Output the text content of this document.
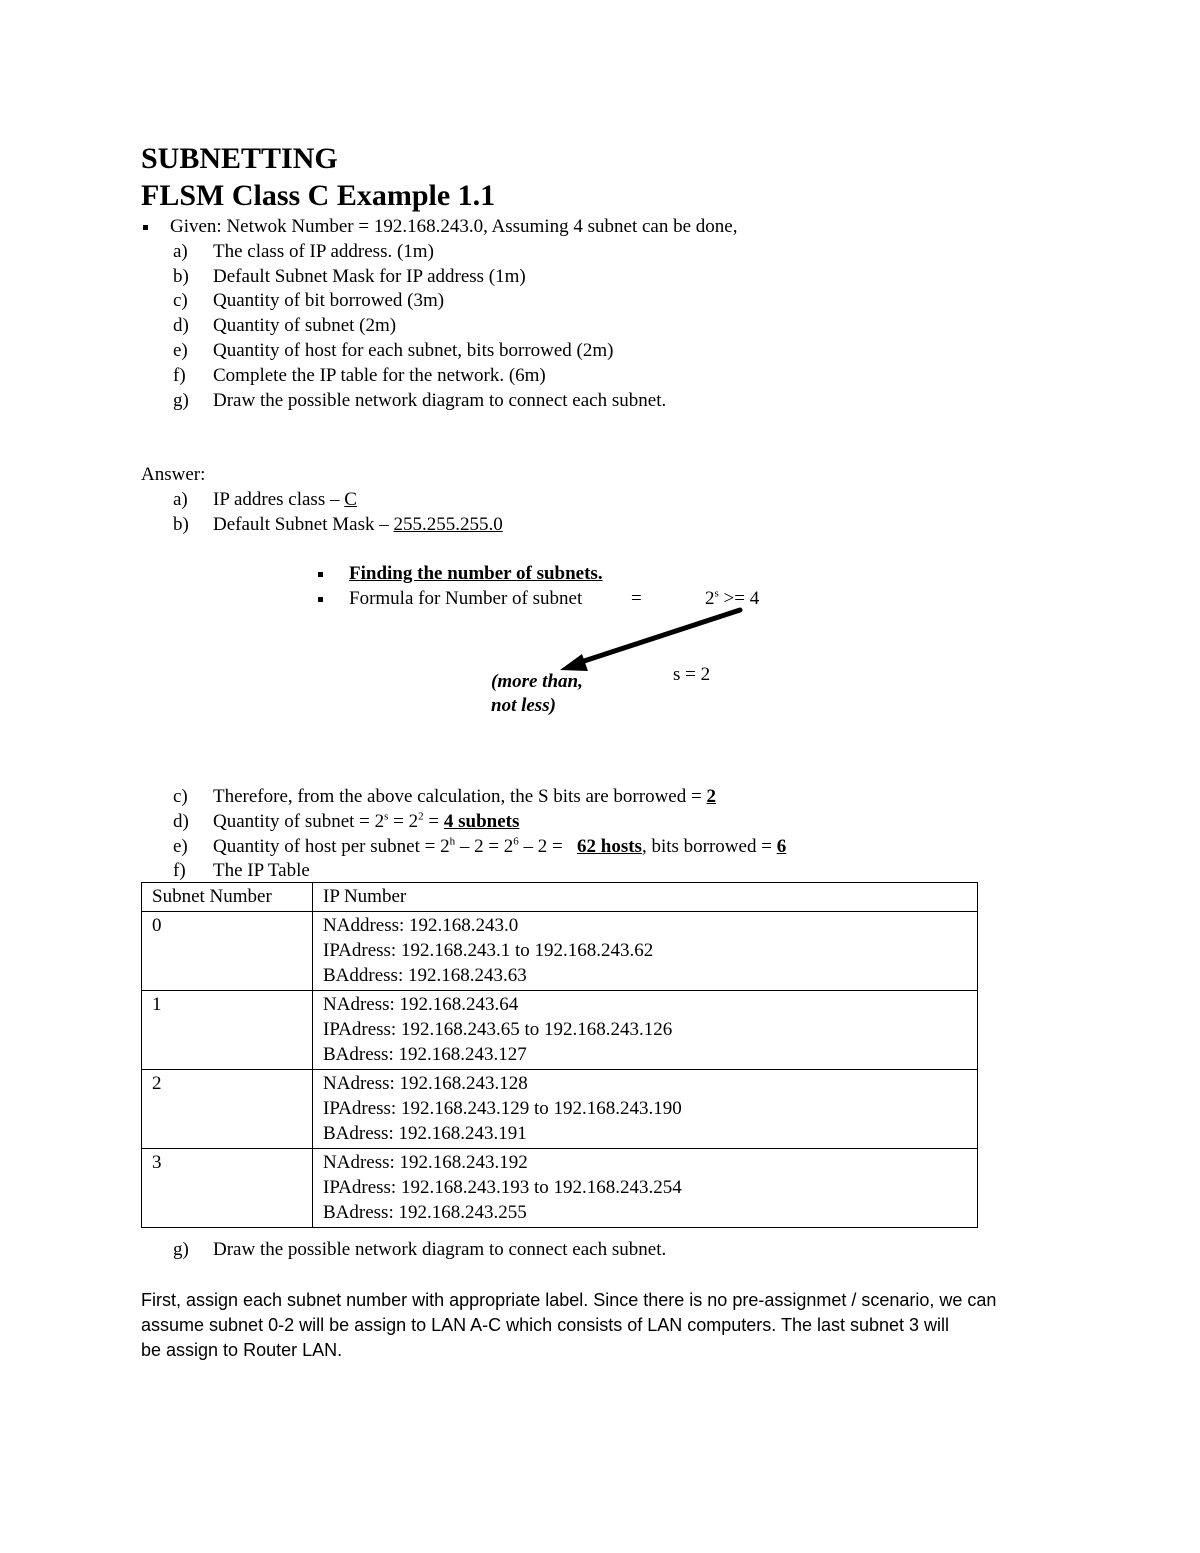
SUBNETTING
FLSM Class C Example 1.1
Given: Netwok Number = 192.168.243.0, Assuming 4 subnet can be done,
a) The class of IP address. (1m)
b) Default Subnet Mask for IP address (1m)
c) Quantity of bit borrowed (3m)
d) Quantity of subnet (2m)
e) Quantity of host for each subnet, bits borrowed (2m)
f) Complete the IP table for the network. (6m)
g) Draw the possible network diagram to connect each subnet.
Answer:
a) IP addres class – C
b) Default Subnet Mask – 255.255.255.0
Finding the number of subnets.
Formula for Number of subnet	=	$2^s >= 4$
(more than,
not less)
s = 2
c) Therefore, from the above calculation, the S bits are borrowed = 2
d) Quantity of subnet = $2^s = 2^2 = 4$ subnets
e) Quantity of host per subnet = $2^h - 2 = 2^6 - 2 = 62$ hosts, bits borrowed = 6
f) The IP Table
Subnet Number	IP Number
0	NAddress: 192.168.243.0
IPAdress: 192.168.243.1 to 192.168.243.62
BAddress: 192.168.243.63

1	NAdress: 192.168.243.64
IPAdress: 192.168.243.65 to 192.168.243.126
BAdress: 192.168.243.127

2	NAdress: 192.168.243.128
IPAdress: 192.168.243.129 to 192.168.243.190
BAdress: 192.168.243.191

3	NAdress: 192.168.243.192
IPAdress: 192.168.243.193 to 192.168.243.254
BAdress: 192.168.243.255
g) Draw the possible network diagram to connect each subnet.
First, assign each subnet number with appropriate label. Since there is no pre-assignmet / scenario, we can
assume subnet 0-2 will be assign to LAN A-C which consists of LAN computers. The last subnet 3 will
be assign to Router LAN.
